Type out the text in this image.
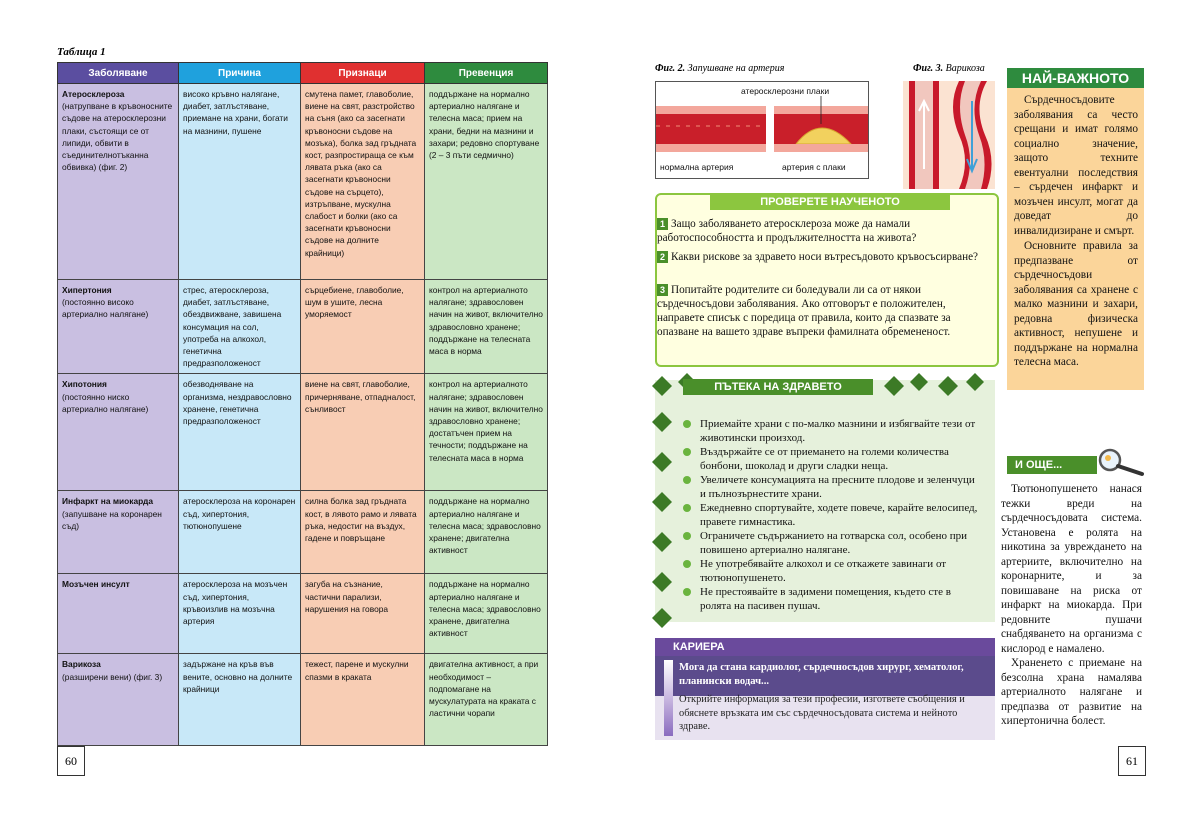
Таблица 1
Заболяване	Причина	Признаци	Превенция

Атеросклероза
(натрупване в кръвоносните съдове на атеросклерозни плаки, състоящи се от липиди, обвити в съединителнотъканна обвивка) (фиг. 2)	високо кръвно налягане, диабет, затлъстяване, приемане на храни, богати на мазнини, пушене	смутена памет, главоболие, виене на свят, разстройство на съня (ако са засегнати кръвоносни съдове на мозъка), болка зад гръдната кост, разпростираща се към лявата ръка (ако са засегнати кръвоносни съдове на сърцето), изтръпване, мускулна слабост и болки (ако са засегнати кръвоносни съдове на долните крайници)	поддържане на нормално артериално налягане и телесна маса; прием на храни, бедни на мазнини и захари; редовно спортуване (2 – 3 пъти седмично)

Хипертония
(постоянно високо артериално налягане)	стрес, атеросклероза, диабет, затлъстяване, обездвижване, завишена консумация на сол, употреба на алкохол, генетична предразположеност	сърцебиене, главоболие, шум в ушите, лесна уморяемост	контрол на артериалното налягане; здравословен начин на живот, включително здравословно хранене; поддържане на телесната маса в норма

Хипотония
(постоянно ниско артериално налягане)	обезводняване на организма, нездравословно хранене, генетична предразположеност	виене на свят, главоболие, причерняване, отпадналост, сънливост	контрол на артериалното налягане; здравословен начин на живот, включително здравословно хранене; достатъчен прием на течности; поддържане на телесната маса в норма

Инфаркт на миокарда
(запушване на коронарен съд)	атеросклероза на коронарен съд, хипертония, тютюнопушене	силна болка зад гръдната кост, в лявото рамо и лявата ръка, недостиг на въздух, гадене и повръщане	поддържане на нормално артериално налягане и телесна маса; здравословно хранене; двигателна активност

Мозъчен инсулт	атеросклероза на мозъчен съд, хипертония, кръвоизлив на мозъчна артерия	загуба на съзнание, частични парализи, нарушения на говора	поддържане на нормално артериално налягане и телесна маса; здравословно хранене, двигателна активност

Варикоза
(разширени вени) (фиг. 3)	задържане на кръв във вените, основно на долните крайници	тежест, парене и мускулни спазми в краката	двигателна активност, а при необходимост – подпомагане на мускулатурата на краката с ластични чорапи
60
Фиг. 2. Запушване на артерия
атеросклерозни плаки
нормална артерия	артерия с плаки
Фиг. 3. Варикоза
ПРОВЕРЕТЕ НАУЧЕНОТО
1 Защо заболяването атеросклероза може да намали работоспособността и продължителността на живота?
2 Какви рискове за здравето носи вътресъдовото кръвосъсирване?
3 Попитайте родителите си боледували ли са от някои сърдечносъдови заболявания. Ако отговорът е положителен, направете списък с поредица от правила, които да спазвате за опазване на вашето здраве въпреки фамилната обремененост.
ПЪТЕКА НА ЗДРАВЕТО
Приемайте храни с по-малко мазнини и избягвайте тези от животински произход.
Въздържайте се от приемането на големи количества бонбони, шоколад и други сладки неща.
Увеличете консумацията на пресните плодове и зеленчуци и пълнозърнестите храни.
Ежедневно спортувайте, ходете повече, карайте велосипед, правете гимнастика.
Ограничете съдържанието на готварска сол, особено при повишено артериално налягане.
Не употребявайте алкохол и се откажете завинаги от тютюнопушенето.
Не престоявайте в задимени помещения, където сте в ролята на пасивен пушач.
КАРИЕРА
Мога да стана кардиолог, сърдечносъдов хирург, хематолог, планински водач...
Открийте информация за тези професии, изгответе съобщения и обяснете връзката им със сърдечносъдовата система и нейното здраве.
НАЙ-ВАЖНОТО
Сърдечносъдовите заболявания са често срещани и имат голямо социално значение, защото техните евентуални последствия – сърдечен инфаркт и мозъчен инсулт, могат да доведат до инвалидизиране и смърт.
Основните правила за предпазване от сърдечносъдови заболявания са хранене с малко мазнини и захари, редовна физическа активност, непушене и поддържане на нормална телесна маса.
И ОЩЕ...
Тютюнопушенето нанася тежки вреди на сърдечносъдовата система. Установена е ролята на никотина за увреждането на артериите, включително на коронарните, и за повишаване на риска от инфаркт на миокарда. При редовните пушачи снабдяването на организма с кислород е намалено.
Храненето с приемане на безсолна храна намалява артериалното налягане и предпазва от развитие на хипертонична болест.
61
